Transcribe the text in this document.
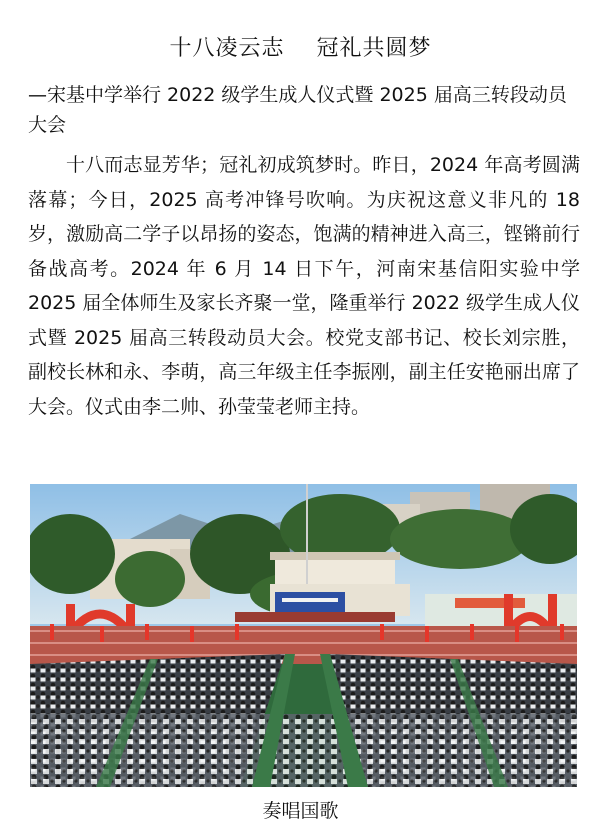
十八凌云志    冠礼共圆梦
—宋基中学举行 2022 级学生成人仪式暨 2025 届高三转段动员大会
十八而志显芳华；冠礼初成筑梦时。昨日，2024 年高考圆满落幕；今日，2025 高考冲锋号吹响。为庆祝这意义非凡的 18 岁，激励高二学子以昂扬的姿态，饱满的精神进入高三，铿锵前行备战高考。2024 年 6 月 14 日下午，河南宋基信阳实验中学 2025 届全体师生及家长齐聚一堂，隆重举行 2022 级学生成人仪式暨 2025 届高三转段动员大会。校党支部书记、校长刘宗胜，副校长林和永、李萌，高三年级主任李振刚，副主任安艳丽出席了大会。仪式由李二帅、孙莹莹老师主持。
奏唱国歌
